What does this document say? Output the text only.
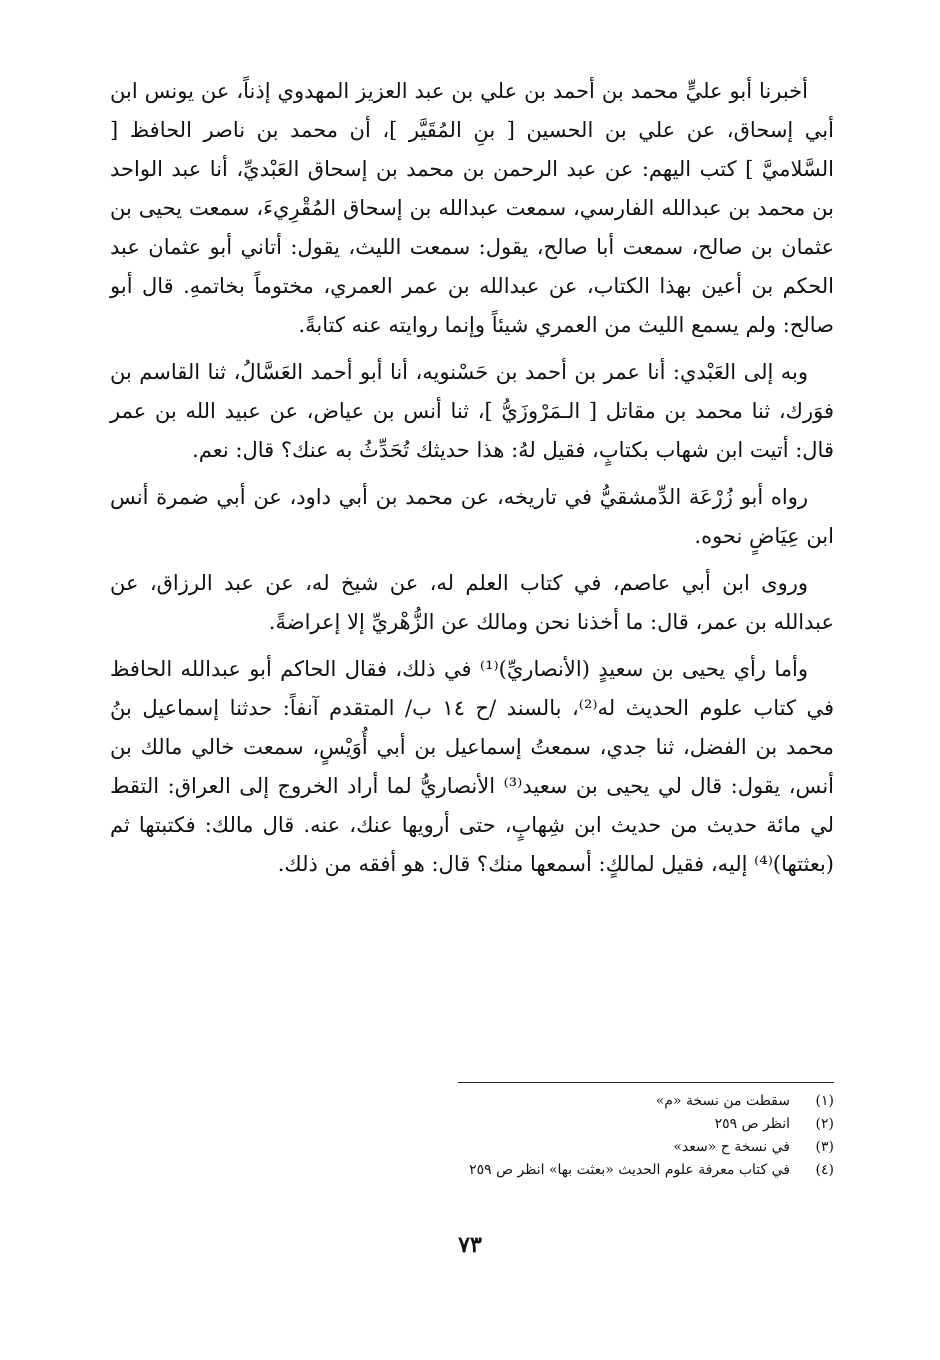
أخبرنا أبو عليٍّ محمد بن أحمد بن علي بن عبد العزيز المهدوي إذناً، عن يونس ابن أبي إسحاق، عن علي بن الحسين [ بنِ المُقَيَّر ]، أن محمد بن ناصر الحافظ [ السَّلاميَّ ] كتب اليهم: عن عبد الرحمن بن محمد بن إسحاق العَبْديِّ، أنا عبد الواحد بن محمد بن عبدالله الفارسي، سمعت عبدالله بن إسحاق المُقْرِيءَ، سمعت يحيى بن عثمان بن صالح، سمعت أبا صالح، يقول: سمعت الليث، يقول: أتاني أبو عثمان عبد الحكم بن أعين بهذا الكتاب، عن عبدالله بن عمر العمري، مختوماً بخاتمهِ. قال أبو صالح: ولم يسمع الليث من العمري شيئاً وإنما روايته عنه كتابةً.

وبه إلى العَبْدي: أنا عمر بن أحمد بن حَسْنويه، أنا أبو أحمد العَسَّالُ، ثنا القاسم بن فوَرك، ثنا محمد بن مقاتل [ الـمَرْوزَيُّ ]، ثنا أنس بن عياض، عن عبيد الله بن عمر قال: أتيت ابن شهاب بكتابٍ، فقيل لهُ: هذا حديثك تُحَدِّثُ به عنك؟ قال: نعم.

رواه أبو زُرْعَة الدِّمشقيُّ في تاريخه، عن محمد بن أبي داود، عن أبي ضمرة أنس ابن عِيَاضٍ نحوه.

وروى ابن أبي عاصم، في كتاب العلم له، عن شيخ له، عن عبد الرزاق، عن عبدالله بن عمر، قال: ما أخذنا نحن ومالك عن الزُّهْريِّ إلا إعراضةً.

وأما رأي يحيى بن سعيدٍ (الأنصاريِّ)⁽¹⁾ في ذلك، فقال الحاكم أبو عبدالله الحافظ في كتاب علوم الحديث له⁽²⁾، بالسند /ح ١٤ ب/ المتقدم آنفاً: حدثنا إسماعيل بنُ محمد بن الفضل، ثنا جدي، سمعتُ إسماعيل بن أبي أُوَيْسٍ، سمعت خالي مالك بن أنس، يقول: قال لي يحيى بن سعيد⁽³⁾ الأنصاريُّ لما أراد الخروج إلى العراق: التقط لي مائة حديث من حديث ابن شِهابٍ، حتى أرويها عنك، عنه. قال مالك: فكتبتها ثم (بعثتها)⁽⁴⁾ إليه، فقيل لمالكٍ: أسمعها منك؟ قال: هو أفقه من ذلك.

(١)
سقطت من نسخة «م»
(٢)
انظر ص ٢٥٩
(٣)
في نسخة ح «سعد»
(٤)
في كتاب معرفة علوم الحديث «بعثت بها» انظر ص ٢٥٩
٧٣
